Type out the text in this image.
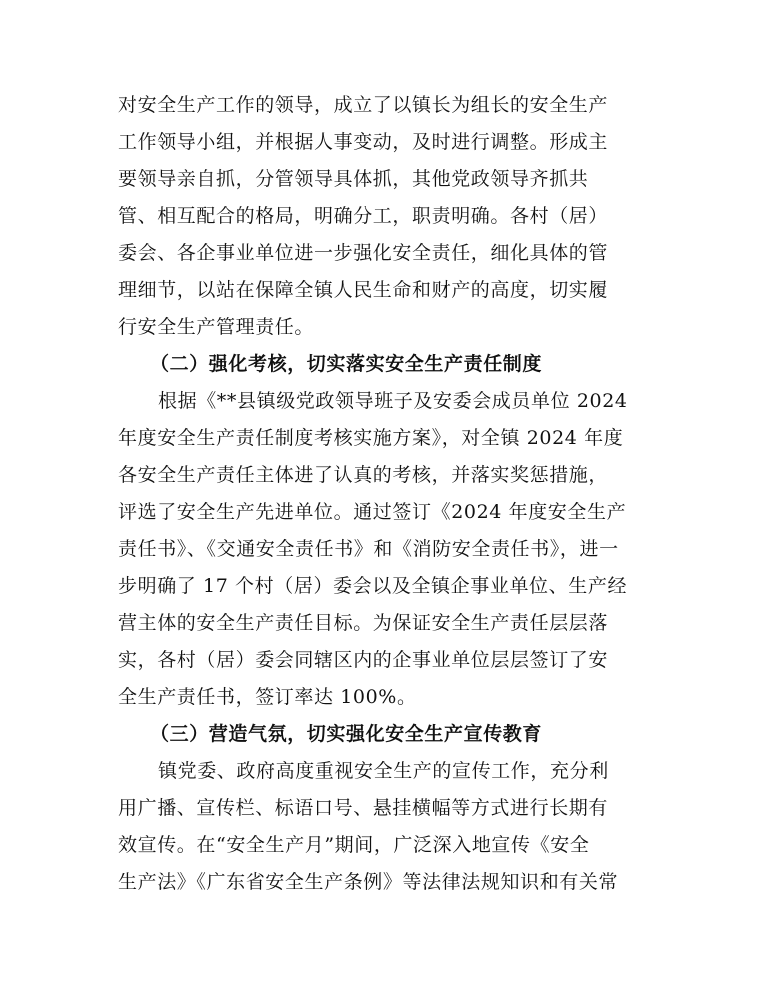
对安全生产工作的领导，成立了以镇长为组长的安全生产
工作领导小组，并根据人事变动，及时进行调整。形成主
要领导亲自抓，分管领导具体抓，其他党政领导齐抓共
管、相互配合的格局，明确分工，职责明确。各村（居）
委会、各企事业单位进一步强化安全责任，细化具体的管
理细节，以站在保障全镇人民生命和财产的高度，切实履
行安全生产管理责任。
（二）强化考核，切实落实安全生产责任制度
根据《**县镇级党政领导班子及安委会成员单位 2024
年度安全生产责任制度考核实施方案》，对全镇 2024 年度
各安全生产责任主体进了认真的考核，并落实奖惩措施，
评选了安全生产先进单位。通过签订《2024 年度安全生产
责任书》、《交通安全责任书》和《消防安全责任书》，进一
步明确了 17 个村（居）委会以及全镇企事业单位、生产经
营主体的安全生产责任目标。为保证安全生产责任层层落
实，各村（居）委会同辖区内的企事业单位层层签订了安
全生产责任书，签订率达 100%。
（三）营造气氛，切实强化安全生产宣传教育
镇党委、政府高度重视安全生产的宣传工作，充分利
用广播、宣传栏、标语口号、悬挂横幅等方式进行长期有
效宣传。在“安全生产月”期间，广泛深入地宣传《安全
生产法》《广东省安全生产条例》等法律法规知识和有关常
